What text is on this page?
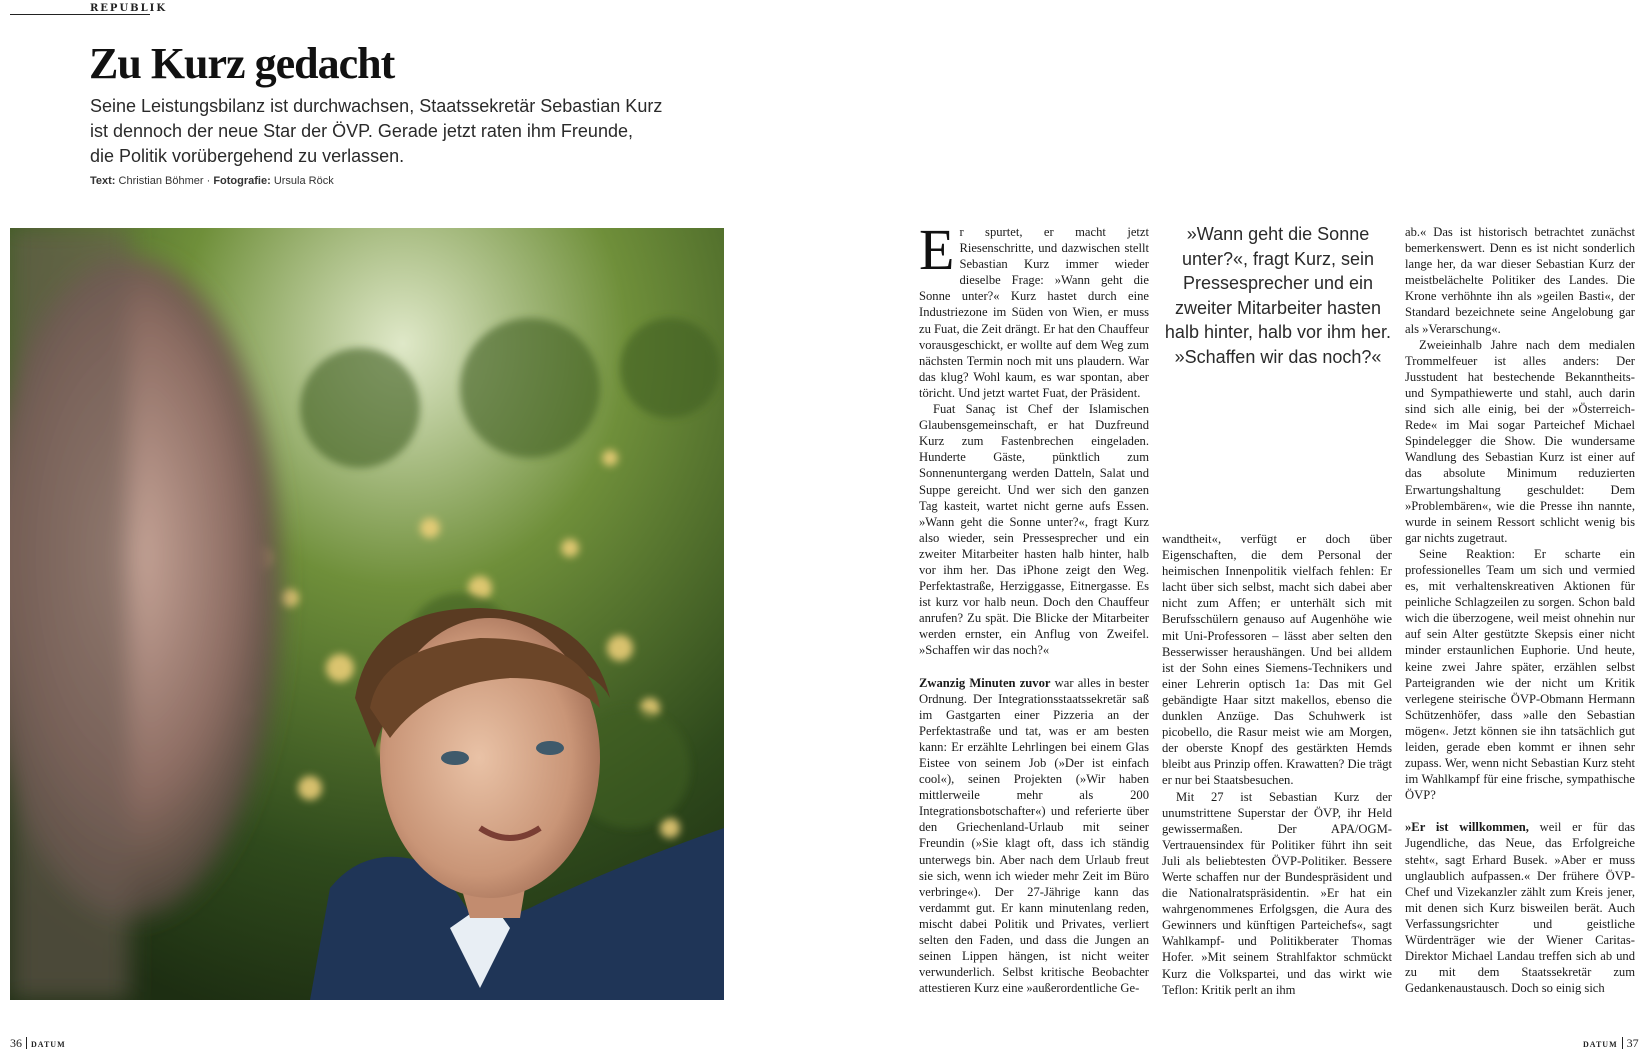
REPUBLIK
Zu Kurz gedacht
Seine Leistungsbilanz ist durchwachsen, Staatssekretär Sebastian Kurz
ist dennoch der neue Star der ÖVP. Gerade jetzt raten ihm Freunde,
die Politik vorübergehend zu verlassen.
Text: Christian Böhmer · Fotografie: Ursula Röck
E r spurtet, er macht jetzt Riesenschritte, und dazwischen stellt Sebastian Kurz immer wieder dieselbe Frage: »Wann geht die Sonne unter?« Kurz hastet durch eine Industriezone im Süden von Wien, er muss zu Fuat, die Zeit drängt. Er hat den Chauffeur vorausgeschickt, er wollte auf dem Weg zum nächsten Termin noch mit uns plaudern. War das klug? Wohl kaum, es war spontan, aber töricht. Und jetzt wartet Fuat, der Präsident.

Fuat Sanaç ist Chef der Islamischen Glaubensgemeinschaft, er hat Duzfreund Kurz zum Fastenbrechen eingeladen. Hunderte Gäste, pünktlich zum Sonnenuntergang werden Datteln, Salat und Suppe gereicht. Und wer sich den ganzen Tag kasteit, wartet nicht gerne aufs Essen. »Wann geht die Sonne unter?«, fragt Kurz also wieder, sein Pressesprecher und ein zweiter Mitarbeiter hasten halb hinter, halb vor ihm her. Das iPhone zeigt den Weg. Perfektastraße, Herziggasse, Eitnergasse. Es ist kurz vor halb neun. Doch den Chauffeur anrufen? Zu spät. Die Blicke der Mitarbeiter werden ernster, ein Anflug von Zweifel. »Schaffen wir das noch?«

Zwanzig Minuten zuvor war alles in bester Ordnung. Der Integrationsstaatssekretär saß im Gastgarten einer Pizzeria an der Perfektastraße und tat, was er am besten kann: Er erzählte Lehrlingen bei einem Glas Eistee von seinem Job (»Der ist einfach cool«), seinen Projekten (»Wir haben mittlerweile mehr als 200 Integrationsbotschafter«) und referierte über den Griechenland-Urlaub mit seiner Freundin (»Sie klagt oft, dass ich ständig unterwegs bin. Aber nach dem Urlaub freut sie sich, wenn ich wieder mehr Zeit im Büro verbringe«). Der 27-Jährige kann das verdammt gut. Er kann minutenlang reden, mischt dabei Politik und Privates, verliert selten den Faden, und dass die Jungen an seinen Lippen hängen, ist nicht weiter verwunderlich. Selbst kritische Beobachter attestieren Kurz eine »außerordentliche Ge-

»Wann geht die Sonne
unter?«, fragt Kurz, sein
Pressesprecher und ein
zweiter Mitarbeiter hasten
halb hinter, halb vor ihm her.
»Schaffen wir das noch?«

wandtheit«, verfügt er doch über Eigenschaften, die dem Personal der heimischen Innenpolitik vielfach fehlen: Er lacht über sich selbst, macht sich dabei aber nicht zum Affen; er unterhält sich mit Berufsschülern genauso auf Augenhöhe wie mit Uni-Professoren – lässt aber selten den Besserwisser heraushängen. Und bei alldem ist der Sohn eines Siemens-Technikers und einer Lehrerin optisch 1a: Das mit Gel gebändigte Haar sitzt makellos, ebenso die dunklen Anzüge. Das Schuhwerk ist picobello, die Rasur meist wie am Morgen, der oberste Knopf des gestärkten Hemds bleibt aus Prinzip offen. Krawatten? Die trägt er nur bei Staatsbesuchen.

Mit 27 ist Sebastian Kurz der unumstrittene Superstar der ÖVP, ihr Held gewissermaßen. Der APA/OGM-Vertrauensindex für Politiker führt ihn seit Juli als beliebtesten ÖVP-Politiker. Bessere Werte schaffen nur der Bundespräsident und die Nationalratspräsidentin. »Er hat ein wahrgenommenes Erfolgsgen, die Aura des Gewinners und künftigen Parteichefs«, sagt Wahlkampf- und Politikberater Thomas Hofer. »Mit seinem Strahlfaktor schmückt Kurz die Volkspartei, und das wirkt wie Teflon: Kritik perlt an ihm

ab.« Das ist historisch betrachtet zunächst bemerkenswert. Denn es ist nicht sonderlich lange her, da war dieser Sebastian Kurz der meistbelächelte Politiker des Landes. Die Krone verhöhnte ihn als »geilen Basti«, der Standard bezeichnete seine Angelobung gar als »Verarschung«.

Zweieinhalb Jahre nach dem medialen Trommelfeuer ist alles anders: Der Jusstudent hat bestechende Bekanntheits- und Sympathiewerte und stahl, auch darin sind sich alle einig, bei der »Österreich-Rede« im Mai sogar Parteichef Michael Spindelegger die Show. Die wundersame Wandlung des Sebastian Kurz ist einer auf das absolute Minimum reduzierten Erwartungshaltung geschuldet: Dem »Problembären«, wie die Presse ihn nannte, wurde in seinem Ressort schlicht wenig bis gar nichts zugetraut.

Seine Reaktion: Er scharte ein professionelles Team um sich und vermied es, mit verhaltenskreativen Aktionen für peinliche Schlagzeilen zu sorgen. Schon bald wich die überzogene, weil meist ohnehin nur auf sein Alter gestützte Skepsis einer nicht minder erstaunlichen Euphorie. Und heute, keine zwei Jahre später, erzählen selbst Parteigranden wie der nicht um Kritik verlegene steirische ÖVP-Obmann Hermann Schützenhöfer, dass »alle den Sebastian mögen«. Jetzt können sie ihn tatsächlich gut leiden, gerade eben kommt er ihnen sehr zupass. Wer, wenn nicht Sebastian Kurz steht im Wahlkampf für eine frische, sympathische ÖVP?

»Er ist willkommen, weil er für das Jugendliche, das Neue, das Erfolgreiche steht«, sagt Erhard Busek. »Aber er muss unglaublich aufpassen.« Der frühere ÖVP-Chef und Vizekanzler zählt zum Kreis jener, mit denen sich Kurz bisweilen berät. Auch Verfassungsrichter und geistliche Würdenträger wie der Wiener Caritas-Direktor Michael Landau treffen sich ab und zu mit dem Staatssekretär zum Gedankenaustausch. Doch so einig sich

36 DATUM	DATUM 37
